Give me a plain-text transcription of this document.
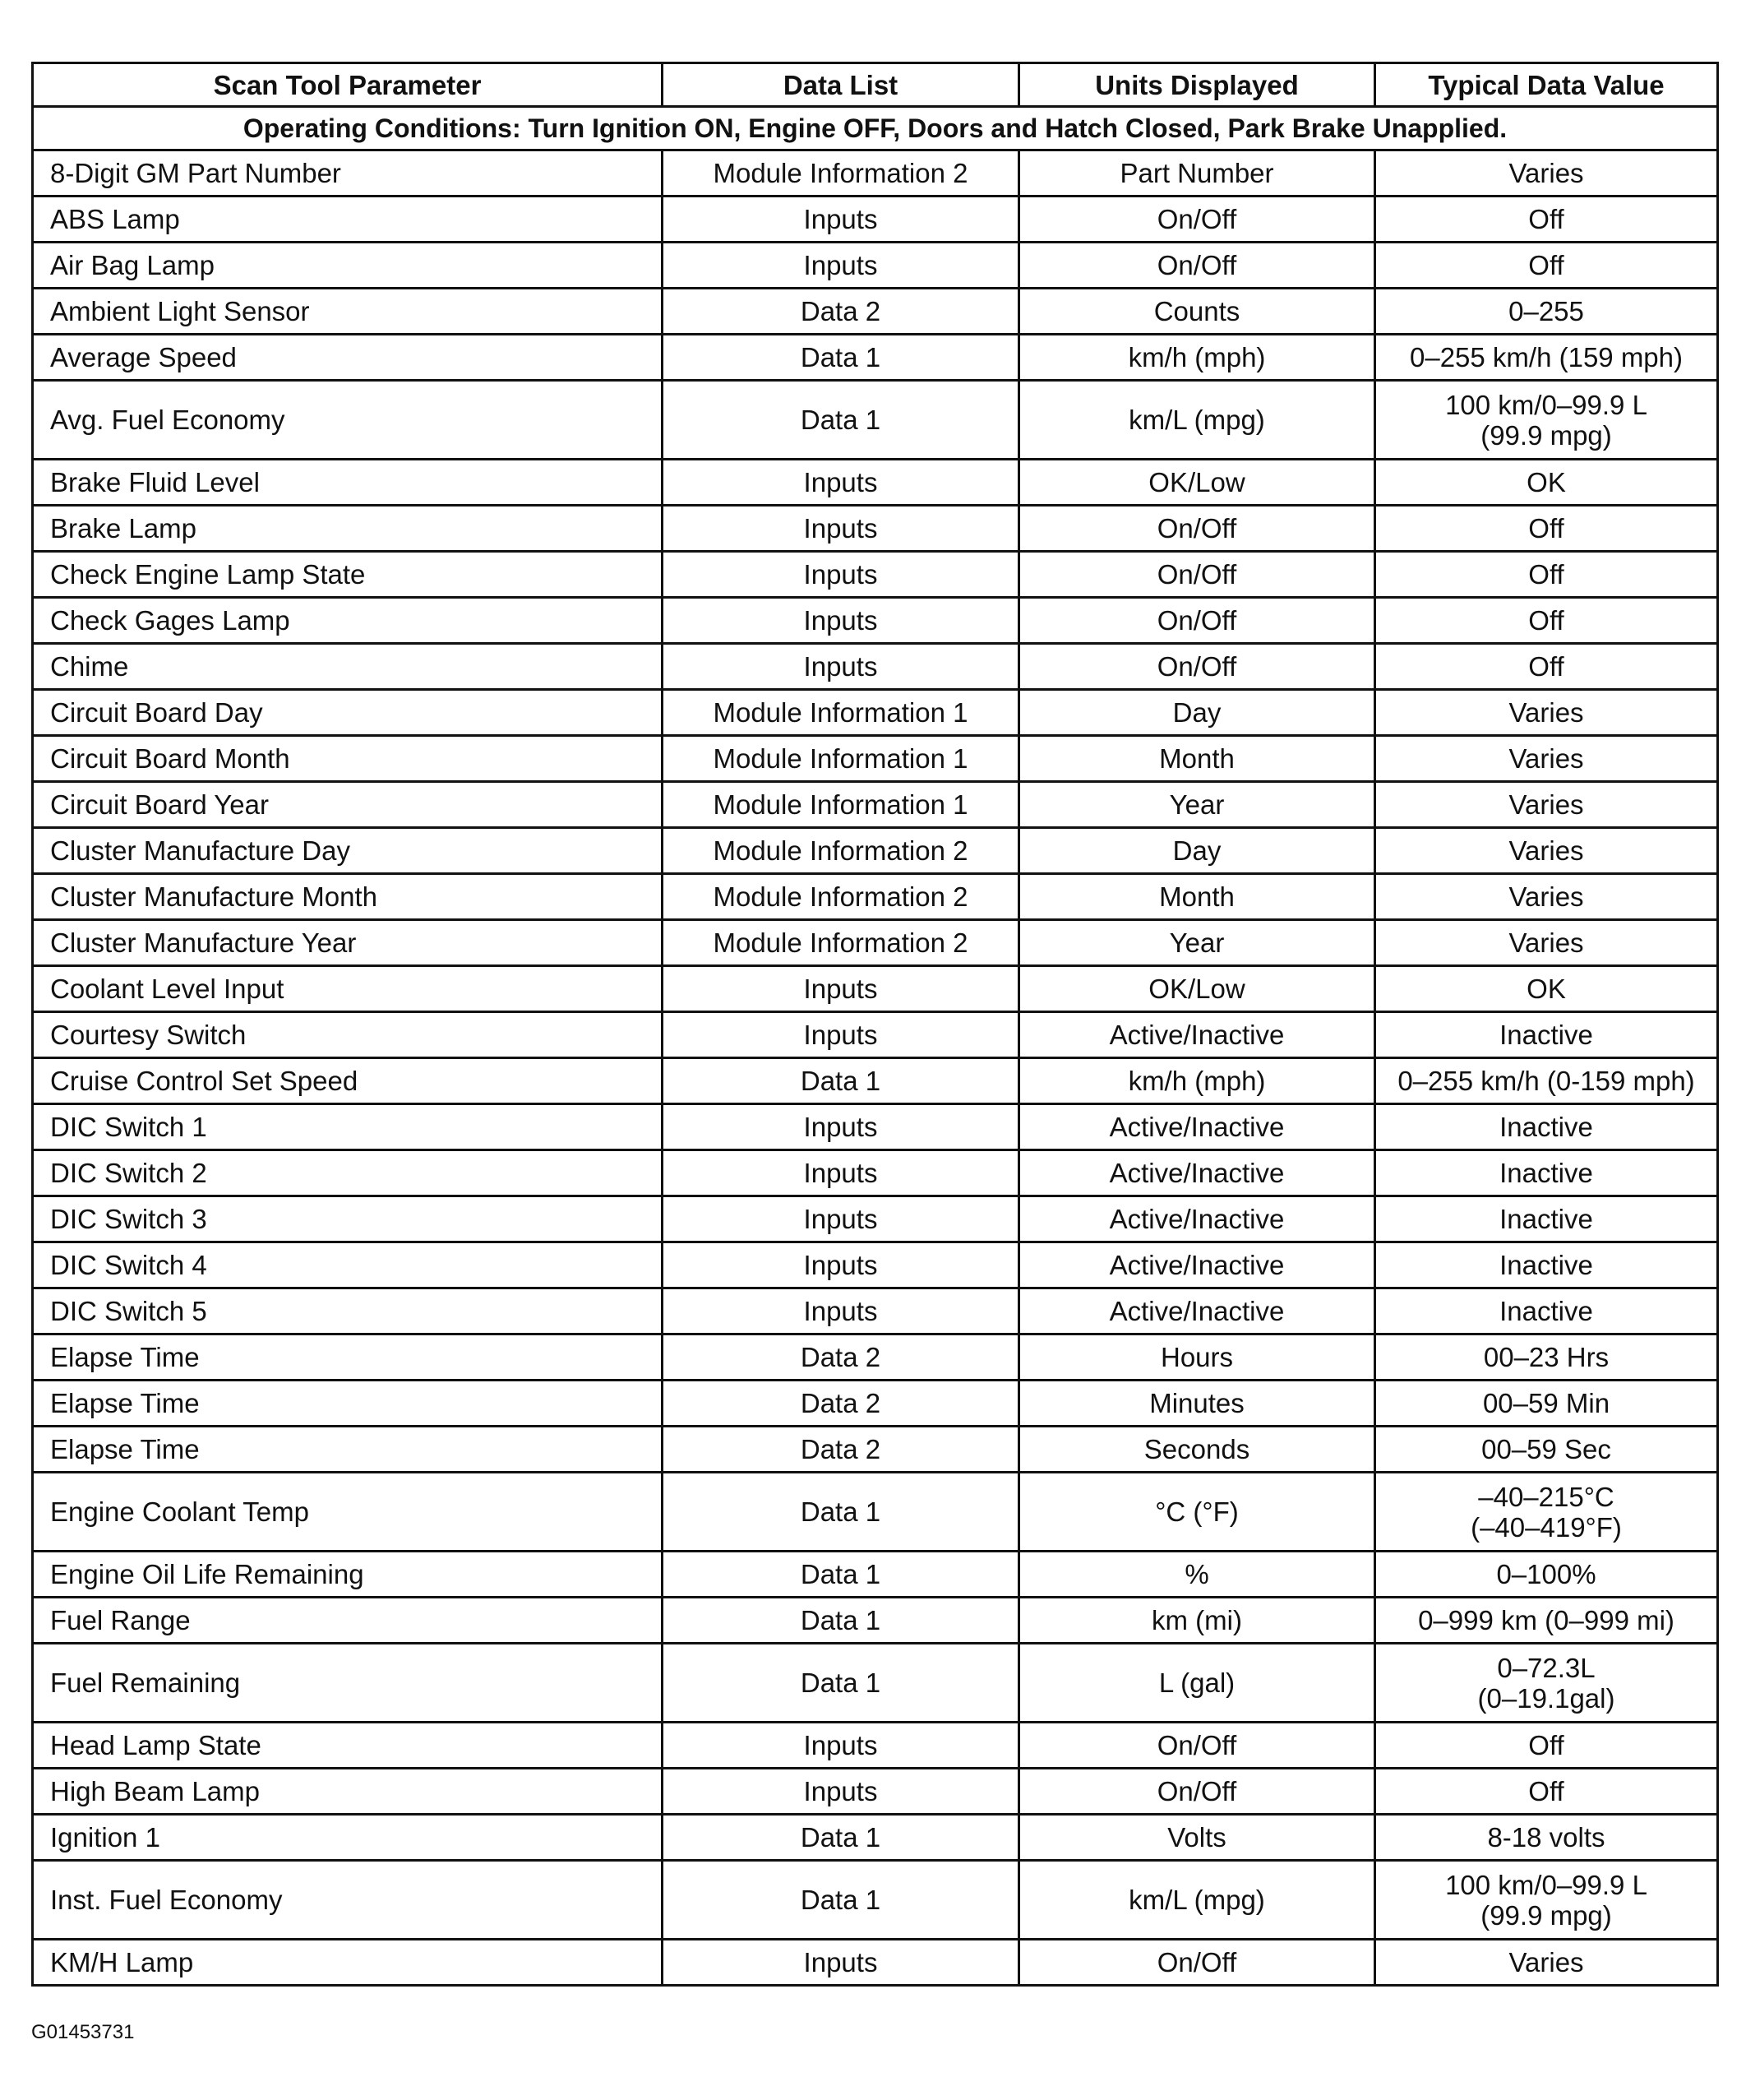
Scan Tool Parameter	Data List	Units Displayed	Typical Data Value
Operating Conditions: Turn Ignition ON, Engine OFF, Doors and Hatch Closed, Park Brake Unapplied.			
8-Digit GM Part Number	Module Information 2	Part Number	Varies
ABS Lamp	Inputs	On/Off	Off
Air Bag Lamp	Inputs	On/Off	Off
Ambient Light Sensor	Data 2	Counts	0–255
Average Speed	Data 1	km/h (mph)	0–255 km/h (159 mph)
Avg. Fuel Economy	Data 1	km/L (mpg)	100 km/0–99.9 L
(99.9 mpg)
Brake Fluid Level	Inputs	OK/Low	OK
Brake Lamp	Inputs	On/Off	Off
Check Engine Lamp State	Inputs	On/Off	Off
Check Gages Lamp	Inputs	On/Off	Off
Chime	Inputs	On/Off	Off
Circuit Board Day	Module Information 1	Day	Varies
Circuit Board Month	Module Information 1	Month	Varies
Circuit Board Year	Module Information 1	Year	Varies
Cluster Manufacture Day	Module Information 2	Day	Varies
Cluster Manufacture Month	Module Information 2	Month	Varies
Cluster Manufacture Year	Module Information 2	Year	Varies
Coolant Level Input	Inputs	OK/Low	OK
Courtesy Switch	Inputs	Active/Inactive	Inactive
Cruise Control Set Speed	Data 1	km/h (mph)	0–255 km/h (0-159 mph)
DIC Switch 1	Inputs	Active/Inactive	Inactive
DIC Switch 2	Inputs	Active/Inactive	Inactive
DIC Switch 3	Inputs	Active/Inactive	Inactive
DIC Switch 4	Inputs	Active/Inactive	Inactive
DIC Switch 5	Inputs	Active/Inactive	Inactive
Elapse Time	Data 2	Hours	00–23 Hrs
Elapse Time	Data 2	Minutes	00–59 Min
Elapse Time	Data 2	Seconds	00–59 Sec
Engine Coolant Temp	Data 1	°C (°F)	–40–215°C
(–40–419°F)
Engine Oil Life Remaining	Data 1	%	0–100%
Fuel Range	Data 1	km (mi)	0–999 km (0–999 mi)
Fuel Remaining	Data 1	L (gal)	0–72.3L
(0–19.1gal)
Head Lamp State	Inputs	On/Off	Off
High Beam Lamp	Inputs	On/Off	Off
Ignition 1	Data 1	Volts	8-18 volts
Inst. Fuel Economy	Data 1	km/L (mpg)	100 km/0–99.9 L
(99.9 mpg)
KM/H Lamp	Inputs	On/Off	Varies
G01453731
